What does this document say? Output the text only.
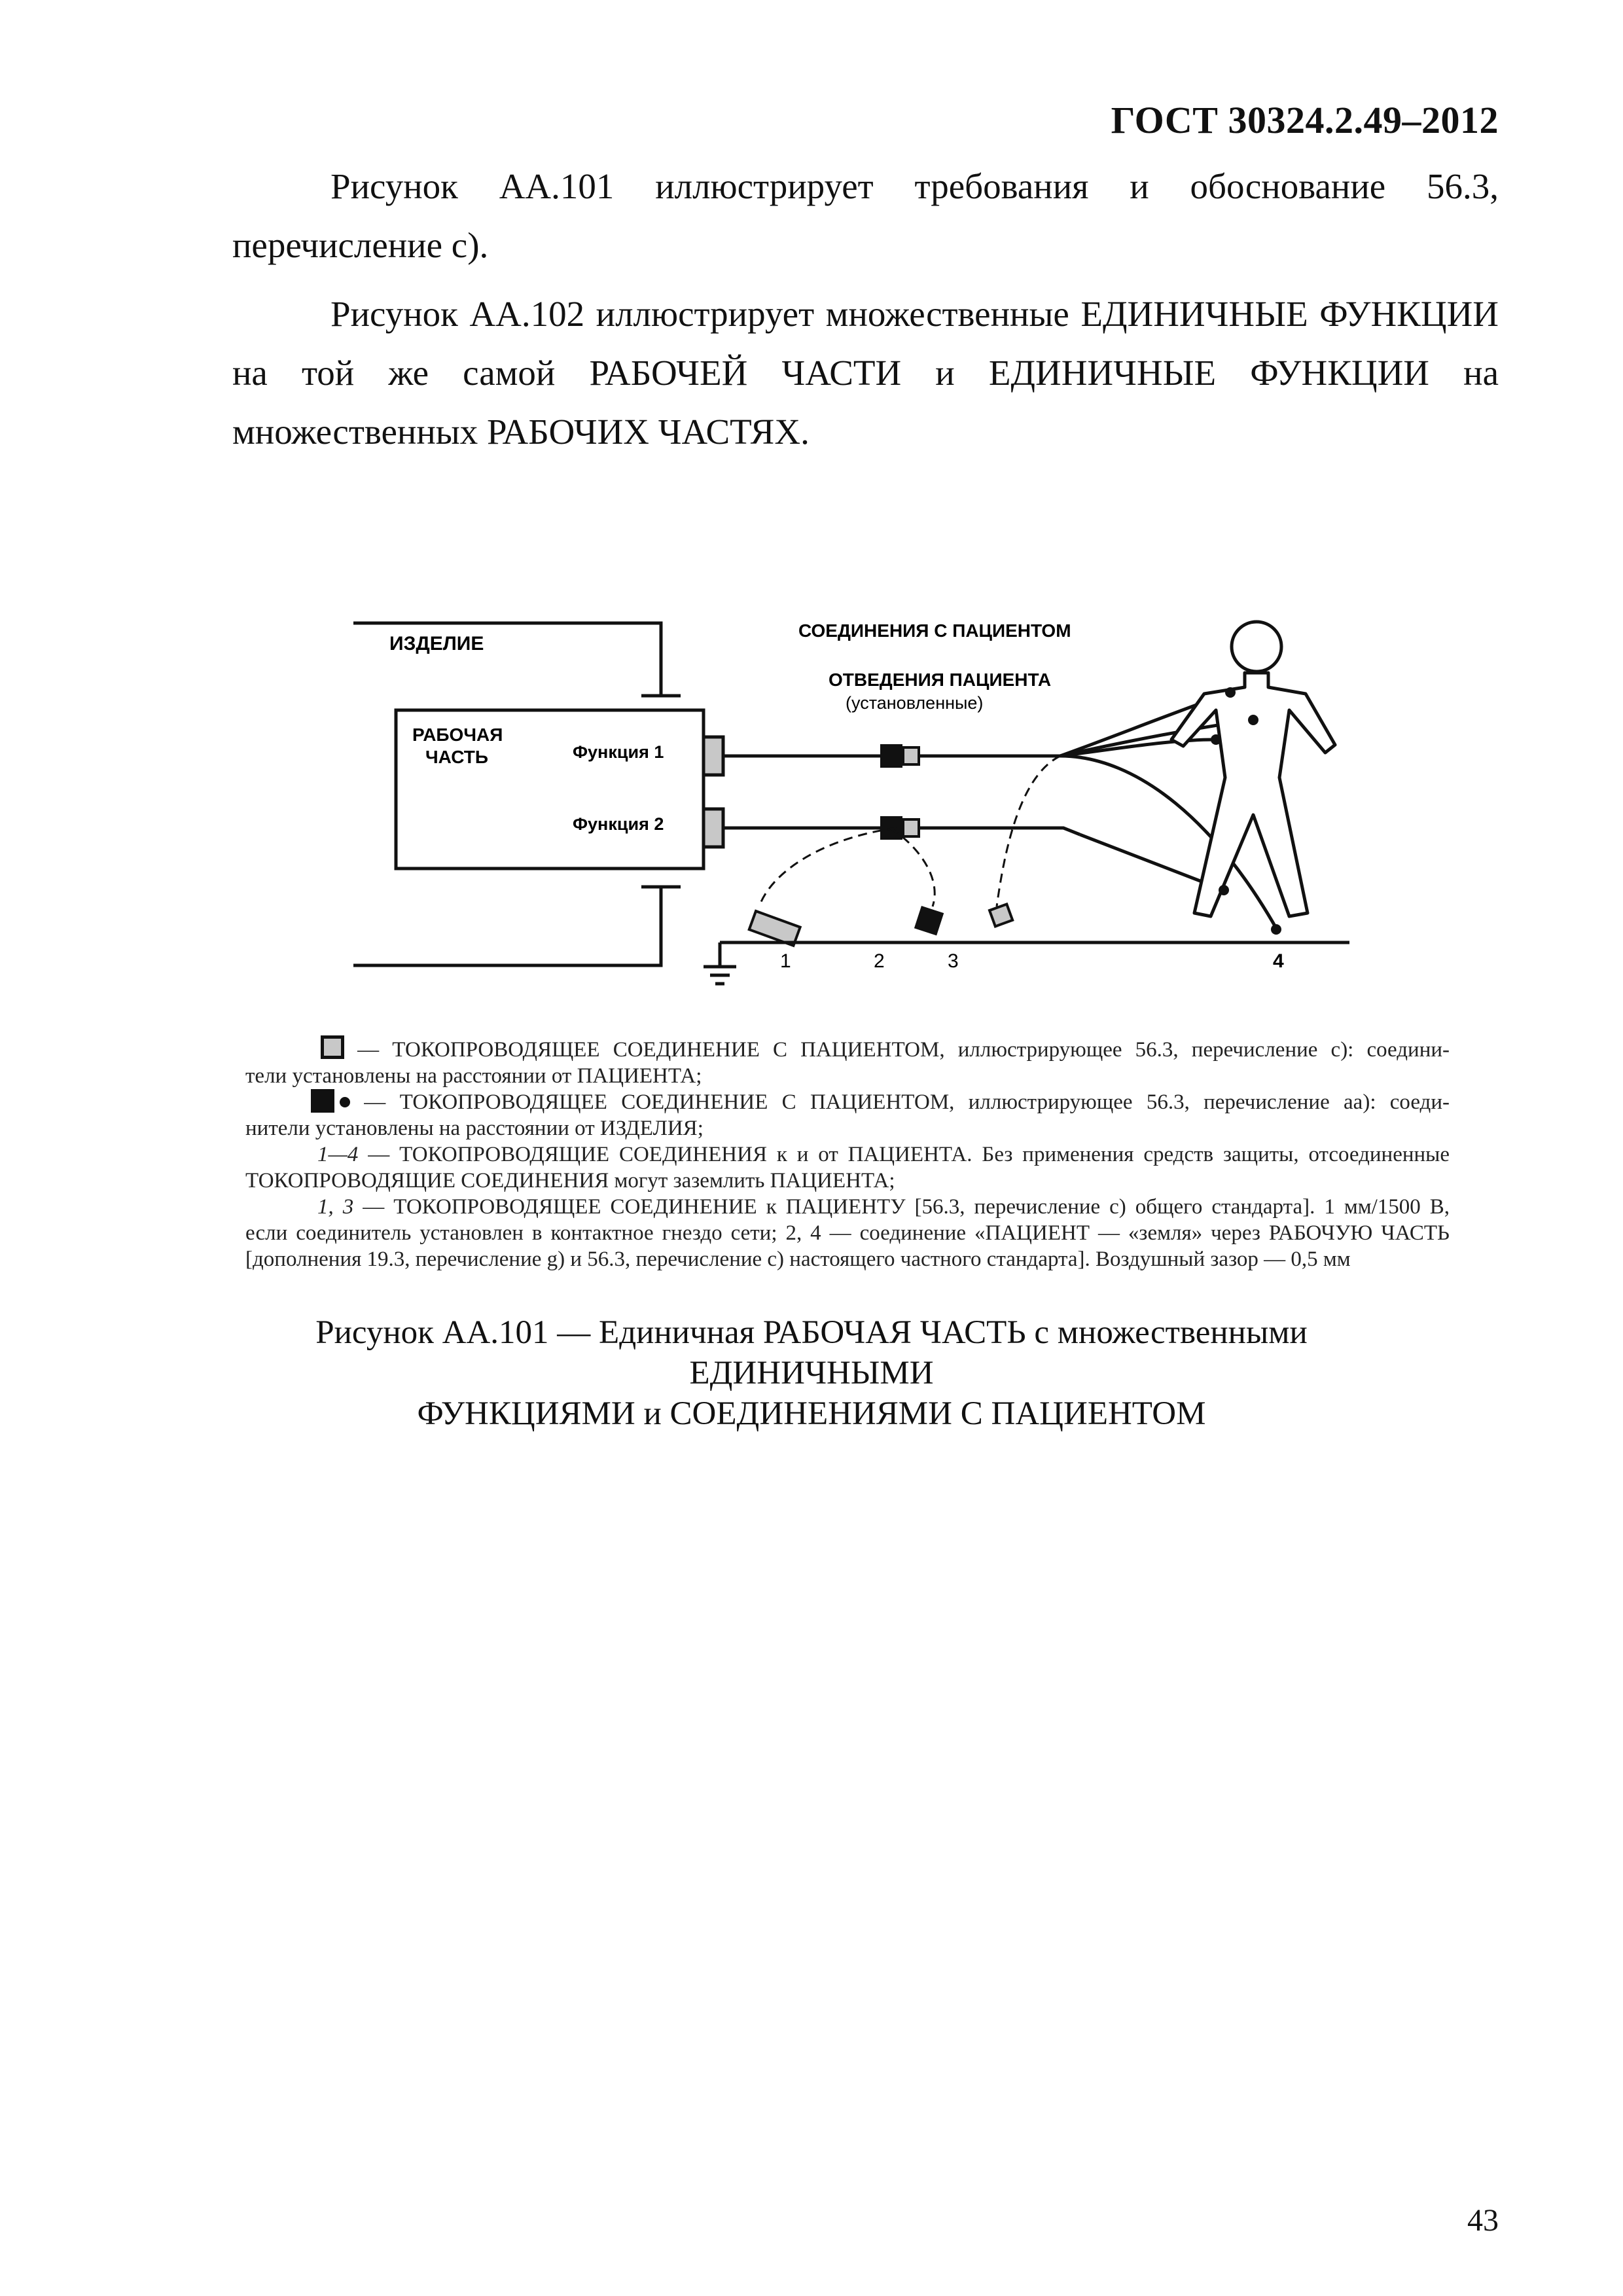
ГОСТ 30324.2.49–2012
Рисунок АА.101 иллюстрирует требования и обоснование 56.3, перечисление с).
Рисунок АА.102 иллюстрирует множественные ЕДИНИЧНЫЕ ФУНКЦИИ на той же самой РАБОЧЕЙ ЧАСТИ и ЕДИНИЧНЫЕ ФУНКЦИИ на множественных РАБОЧИХ ЧАСТЯХ.
ИЗДЕЛИЕ
РАБОЧАЯ
ЧАСТЬ	Функция 1
Функция 2
СОЕДИНЕНИЯ С ПАЦИЕНТОМ
ОТВЕДЕНИЯ ПАЦИЕНТА
(установленные)
1	2	3	4
— ТОКОПРОВОДЯЩЕЕ СОЕДИНЕНИЕ С ПАЦИЕНТОМ, иллюстрирующее 56.3, перечисление с): соедини-
тели установлены на расстоянии от ПАЦИЕНТА;
— ТОКОПРОВОДЯЩЕЕ СОЕДИНЕНИЕ С ПАЦИЕНТОМ, иллюстрирующее 56.3, перечисление аа): соеди-
нители установлены на расстоянии от ИЗДЕЛИЯ;
1—4 — ТОКОПРОВОДЯЩИЕ СОЕДИНЕНИЯ к и от ПАЦИЕНТА. Без применения средств защиты, отсоединенные
ТОКОПРОВОДЯЩИЕ СОЕДИНЕНИЯ могут заземлить ПАЦИЕНТА;
1, 3 — ТОКОПРОВОДЯЩЕЕ СОЕДИНЕНИЕ к ПАЦИЕНТУ [56.3, перечисление с) общего стандарта]. 1 мм/1500 В,
если соединитель установлен в контактное гнездо сети; 2, 4 — соединение «ПАЦИЕНТ — «земля» через РАБОЧУЮ ЧАСТЬ
[дополнения 19.3, перечисление g) и 56.3, перечисление с) настоящего частного стандарта]. Воздушный зазор — 0,5 мм
Рисунок АА.101 — Единичная РАБОЧАЯ ЧАСТЬ с множественными ЕДИНИЧНЫМИ
ФУНКЦИЯМИ и СОЕДИНЕНИЯМИ С ПАЦИЕНТОМ
43
